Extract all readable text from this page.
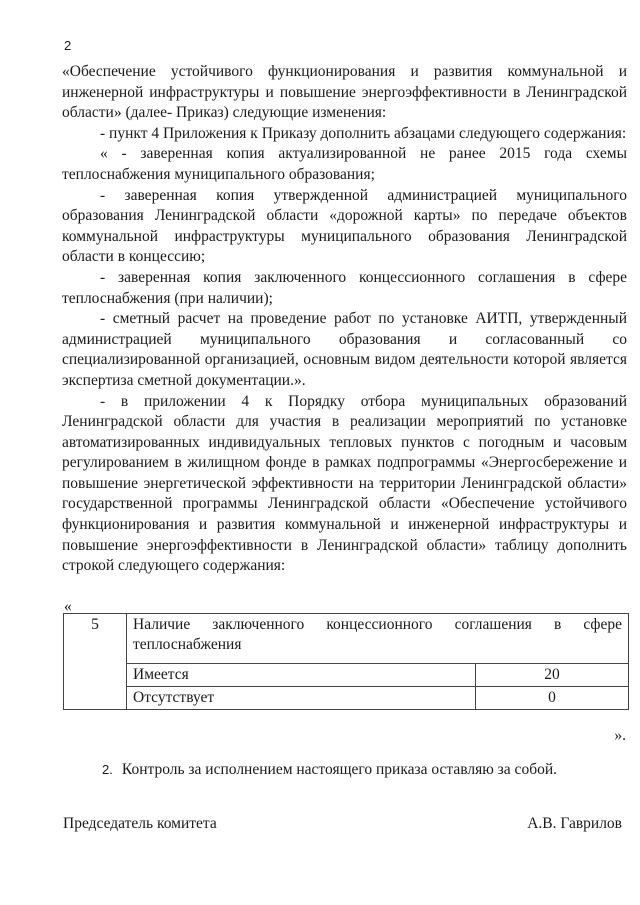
2

«Обеспечение устойчивого функционирования и развития коммунальной и инженерной инфраструктуры и повышение энергоэффективности в Ленинградской области» (далее- Приказ) следующие изменения:

- пункт 4 Приложения к Приказу дополнить абзацами следующего содержания:

« - заверенная копия актуализированной не ранее 2015 года схемы теплоснабжения муниципального образования;

- заверенная копия утвержденной администрацией муниципального образования Ленинградской области «дорожной карты» по передаче объектов коммунальной инфраструктуры муниципального образования Ленинградской области в концессию;

- заверенная копия заключенного концессионного соглашения в сфере теплоснабжения (при наличии);

- сметный расчет на проведение работ по установке АИТП, утвержденный администрацией муниципального образования и согласованный со специализированной организацией, основным видом деятельности которой является экспертиза сметной документации.».

- в приложении 4 к Порядку отбора муниципальных образований Ленинградской области для участия в реализации мероприятий по установке автоматизированных индивидуальных тепловых пунктов с погодным и часовым регулированием в жилищном фонде в рамках подпрограммы «Энергосбережение и повышение энергетической эффективности на территории Ленинградской области» государственной программы Ленинградской области «Обеспечение устойчивого функционирования и развития коммунальной и инженерной инфраструктуры и повышение энергоэффективности в Ленинградской области» таблицу дополнить строкой следующего содержания:

«
5	Наличие заключенного концессионного соглашения в сфере теплоснабжения	
	Имеется	20
	Отсутствует	0
».
2. Контроль за исполнением настоящего приказа оставляю за собой.
Председатель комитета	А.В. Гаврилов
